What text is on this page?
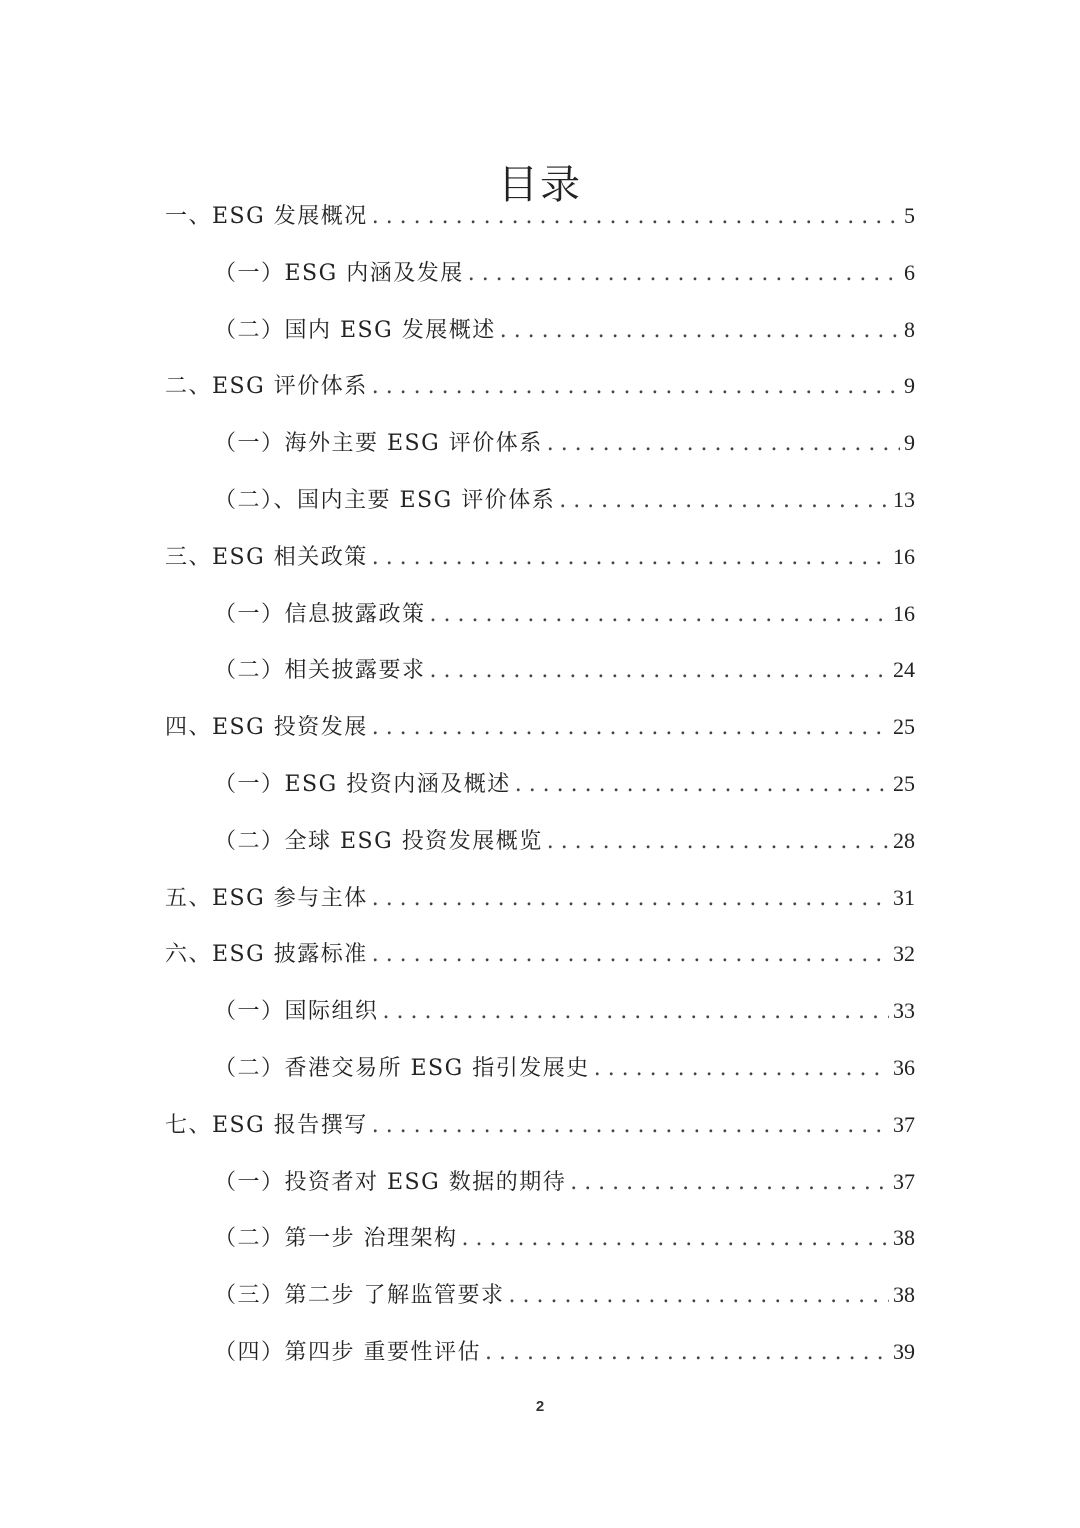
目录
一、ESG 发展概况 . . .	5
（一）ESG 内涵及发展 . . .	6
（二）国内 ESG 发展概述 . . .	8
二、ESG 评价体系 . . .	9
（一）海外主要 ESG 评价体系 . . .	9
（二）、国内主要 ESG 评价体系 . . .	13
三、ESG 相关政策 . . .	16
（一）信息披露政策 . . .	16
（二）相关披露要求 . . .	24
四、ESG 投资发展 . . .	25
（一）ESG 投资内涵及概述 . . .	25
（二）全球 ESG 投资发展概览 . . .	28
五、ESG 参与主体 . . .	31
六、ESG 披露标准 . . .	32
（一）国际组织 . . .	33
（二）香港交易所 ESG 指引发展史 . . .	36
七、ESG 报告撰写 . . .	37
（一）投资者对 ESG 数据的期待 . . .	37
（二）第一步 治理架构 . . .	38
（三）第二步 了解监管要求 . . .	38
（四）第四步 重要性评估 . . .	39
2
